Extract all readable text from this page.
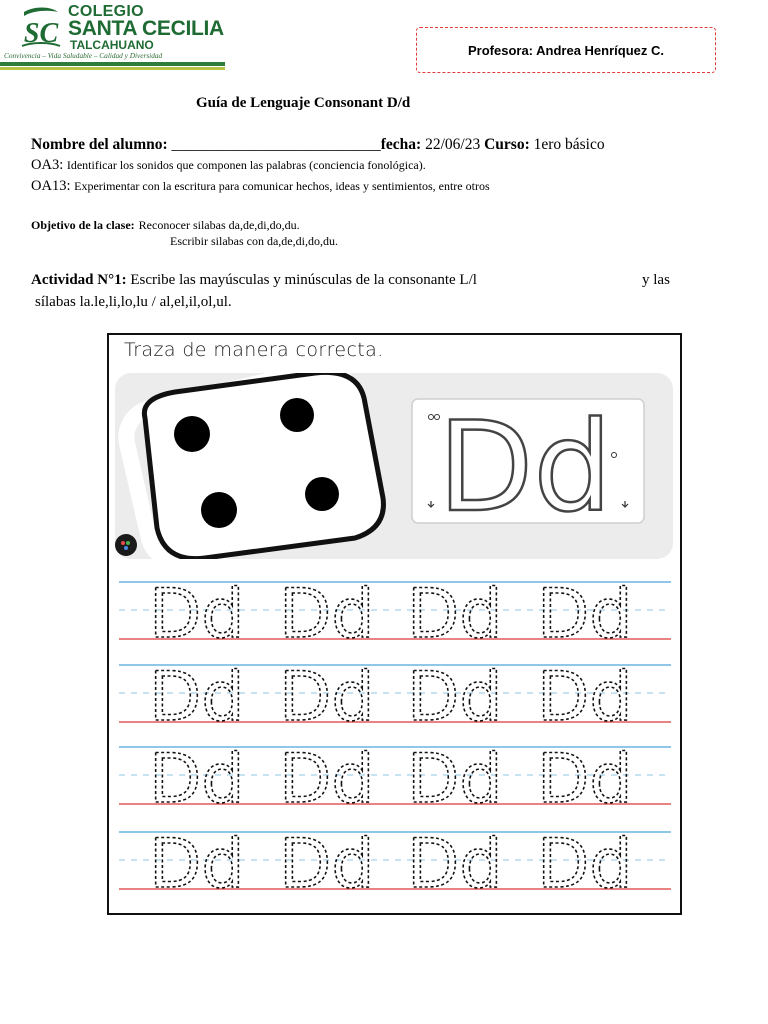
SC
COLEGIO
SANTA CECILIA
TALCAHUANO
Convivencia – Vida Saludable – Calidad y Diversidad	Profesora: Andrea Henríquez C.
Guía de Lenguaje Consonant D/d
Nombre del alumno: ___________________________fecha: 22/06/23 Curso: 1ero básico
OA3: Identificar los sonidos que componen las palabras (conciencia fonológica).
OA13: Experimentar con la escritura para comunicar hechos, ideas y sentimientos, entre otros
Objetivo de la clase: Reconocer silabas da,de,di,do,du.
Escribir silabas con da,de,di,do,du.
Actividad N°1: Escribe las mayúsculas y minúsculas de la consonante L/l	y las
sílabas la.le,li,lo,lu / al,el,il,ol,ul.
Traza de manera correcta.
Dd
Dd Dd Dd Dd
Dd Dd Dd Dd
Dd Dd Dd Dd
Dd Dd Dd Dd
